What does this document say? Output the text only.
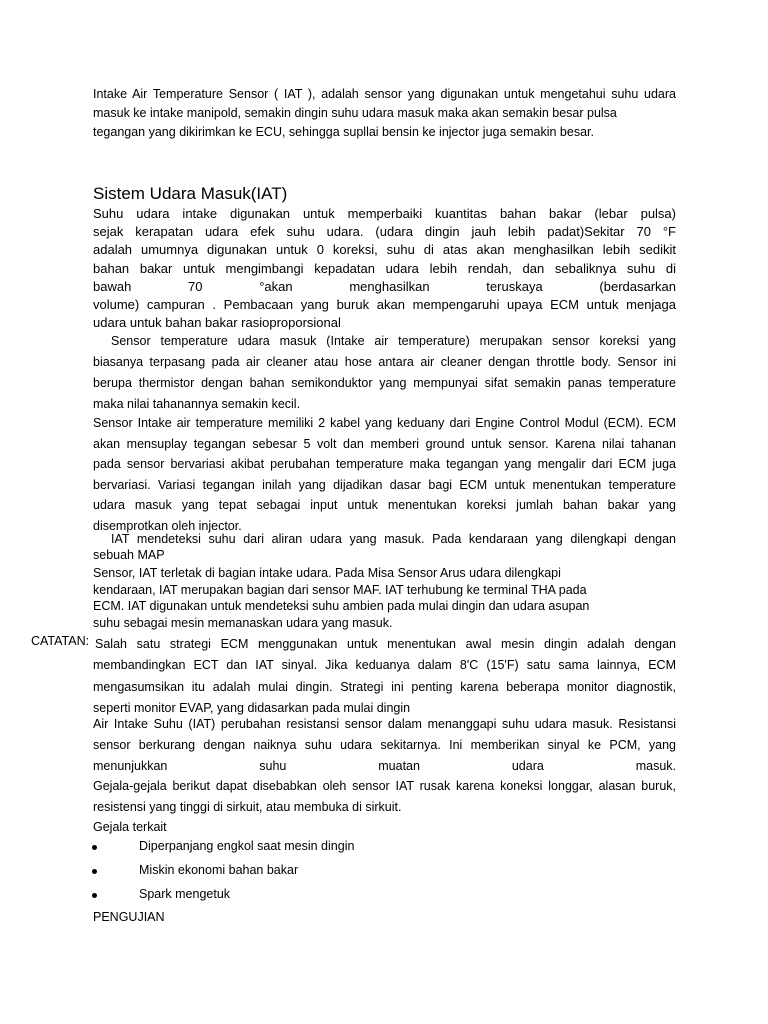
Intake Air Temperature Sensor ( IAT ), adalah sensor yang digunakan untuk mengetahui suhu udara
masuk ke intake manipold, semakin dingin suhu udara masuk maka akan semakin besar pulsa
tegangan yang dikirimkan ke ECU, sehingga supllai bensin ke injector juga semakin besar.
Sistem Udara Masuk(IAT)
Suhu udara intake digunakan untuk memperbaiki kuantitas bahan bakar (lebar pulsa)
sejak kerapatan udara efek suhu udara. (udara dingin jauh lebih padat)Sekitar 70 °F
adalah umumnya digunakan untuk 0 koreksi, suhu di atas akan menghasilkan lebih sedikit
bahan bakar untuk mengimbangi kepadatan udara lebih rendah, dan sebaliknya suhu di
bawah 70 °akan menghasilkan teruskaya (berdasarkan
volume) campuran . Pembacaan yang buruk akan mempengaruhi upaya ECM untuk menjaga
udara untuk bahan bakar rasioproporsional
Sensor temperature udara masuk (Intake air temperature) merupakan sensor koreksi yang
biasanya terpasang pada air cleaner atau hose antara air cleaner dengan throttle body. Sensor ini
berupa thermistor dengan bahan semikonduktor yang mempunyai sifat semakin panas temperature
maka nilai tahanannya semakin kecil.
Sensor Intake air temperature memiliki 2 kabel yang keduany dari Engine Control Modul (ECM). ECM
akan mensuplay tegangan sebesar 5 volt dan memberi ground untuk sensor. Karena nilai tahanan
pada sensor bervariasi akibat perubahan temperature maka tegangan yang mengalir dari ECM juga
bervariasi. Variasi tegangan inilah yang dijadikan dasar bagi ECM untuk menentukan temperature
udara masuk yang tepat sebagai input untuk menentukan koreksi jumlah bahan bakar yang
disemprotkan oleh injector.
IAT mendeteksi suhu dari aliran udara yang masuk. Pada kendaraan yang dilengkapi dengan
sebuah MAP
Sensor, IAT terletak di bagian intake udara. Pada Misa Sensor Arus udara dilengkapi
kendaraan, IAT merupakan bagian dari sensor MAF. IAT terhubung ke terminal THA pada
ECM. IAT digunakan untuk mendeteksi suhu ambien pada mulai dingin dan udara asupan
suhu sebagai mesin memanaskan udara yang masuk.
CATATAN: Salah satu strategi ECM menggunakan untuk menentukan awal mesin dingin adalah dengan
membandingkan ECT dan IAT sinyal. Jika keduanya dalam 8'C (15'F) satu sama lainnya, ECM
mengasumsikan itu adalah mulai dingin. Strategi ini penting karena beberapa monitor diagnostik,
seperti monitor EVAP, yang didasarkan pada mulai dingin
Air Intake Suhu (IAT) perubahan resistansi sensor dalam menanggapi suhu udara masuk. Resistansi
sensor berkurang dengan naiknya suhu udara sekitarnya. Ini memberikan sinyal ke PCM, yang
menunjukkan suhu muatan udara masuk.
Gejala-gejala berikut dapat disebabkan oleh sensor IAT rusak karena koneksi longgar, alasan buruk,
resistensi yang tinggi di sirkuit, atau membuka di sirkuit.
Gejala terkait
Diperpanjang engkol saat mesin dingin
Miskin ekonomi bahan bakar
Spark mengetuk
PENGUJIAN
